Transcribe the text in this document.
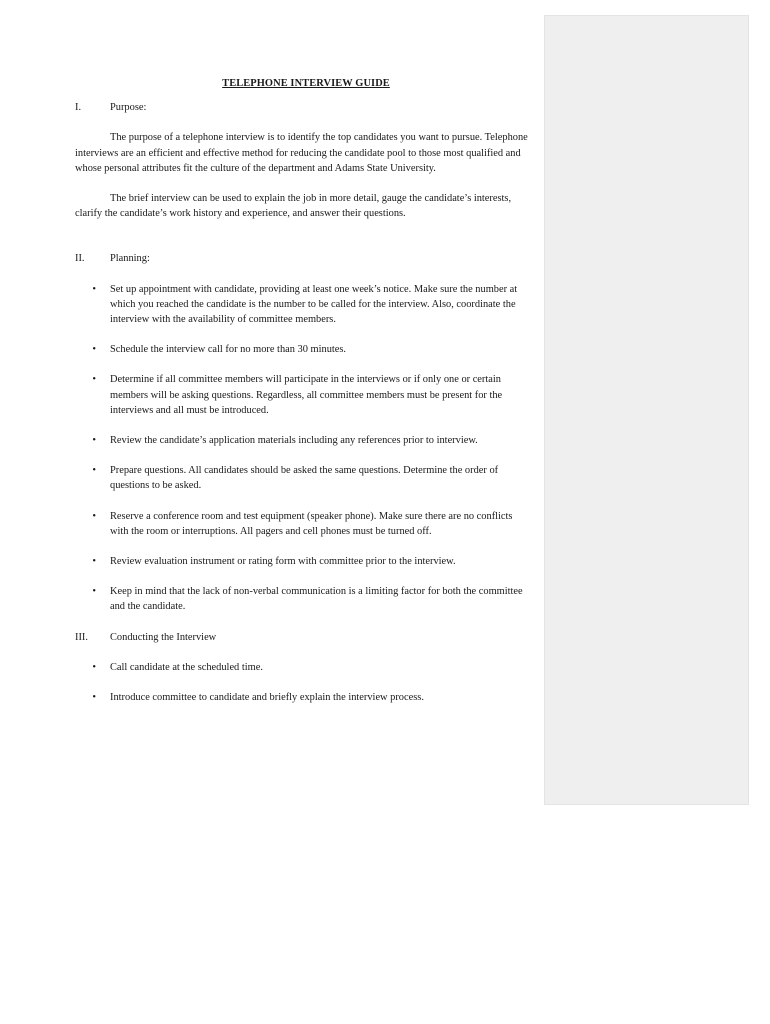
TELEPHONE INTERVIEW GUIDE

I.	Purpose:

The purpose of a telephone interview is to identify the top candidates you want to pursue. Telephone interviews are an efficient and effective method for reducing the candidate pool to those most qualified and whose personal attributes fit the culture of the department and Adams State University.

The brief interview can be used to explain the job in more detail, gauge the candidate’s interests, clarify the candidate’s work history and experience, and answer their questions.

II.	Planning:
•	Set up appointment with candidate, providing at least one week’s notice. Make sure the number at which you reached the candidate is the number to be called for the interview. Also, coordinate the interview with the availability of committee members.
•	Schedule the interview call for no more than 30 minutes.
•	Determine if all committee members will participate in the interviews or if only one or certain members will be asking questions. Regardless, all committee members must be present for the interviews and all must be introduced.
•	Review the candidate’s application materials including any references prior to interview.
•	Prepare questions. All candidates should be asked the same questions. Determine the order of questions to be asked.
•	Reserve a conference room and test equipment (speaker phone). Make sure there are no conflicts with the room or interruptions. All pagers and cell phones must be turned off.
•	Review evaluation instrument or rating form with committee prior to the interview.
•	Keep in mind that the lack of non-verbal communication is a limiting factor for both the committee and the candidate.
III.	Conducting the Interview
•	Call candidate at the scheduled time.
•	Introduce committee to candidate and briefly explain the interview process.
